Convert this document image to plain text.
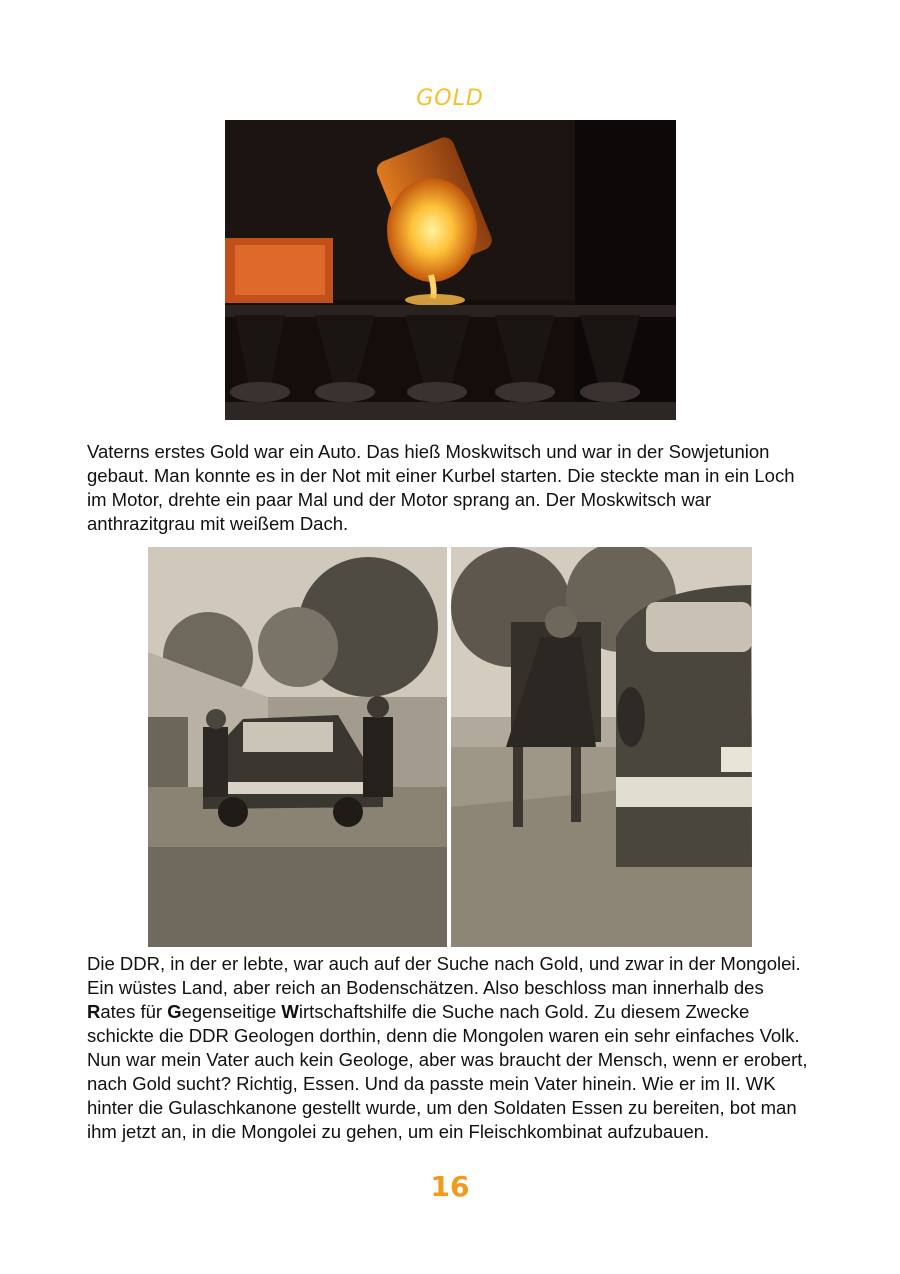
GOLD

Vaterns erstes Gold war ein Auto. Das hieß Moskwitsch und war in der Sowjetunion gebaut. Man konnte es in der Not mit einer Kurbel starten. Die steckte man in ein Loch im Motor, drehte ein paar Mal und der Motor sprang an. Der Moskwitsch war anthrazitgrau mit weißem Dach.

Die DDR, in der er lebte, war auch auf der Suche nach Gold, und zwar in der Mongolei. Ein wüstes Land, aber reich an Bodenschätzen. Also beschloss man innerhalb des Rates für Gegenseitige Wirtschaftshilfe die Suche nach Gold. Zu diesem Zwecke schickte die DDR Geologen dorthin, denn die Mongolen waren ein sehr einfaches Volk. Nun war mein Vater auch kein Geologe, aber was braucht der Mensch, wenn er erobert, nach Gold sucht? Richtig, Essen. Und da passte mein Vater hinein. Wie er im II. WK hinter die Gulaschkanone gestellt wurde, um den Soldaten Essen zu bereiten, bot man ihm jetzt an, in die Mongolei zu gehen, um ein Fleischkombinat aufzubauen.

16
